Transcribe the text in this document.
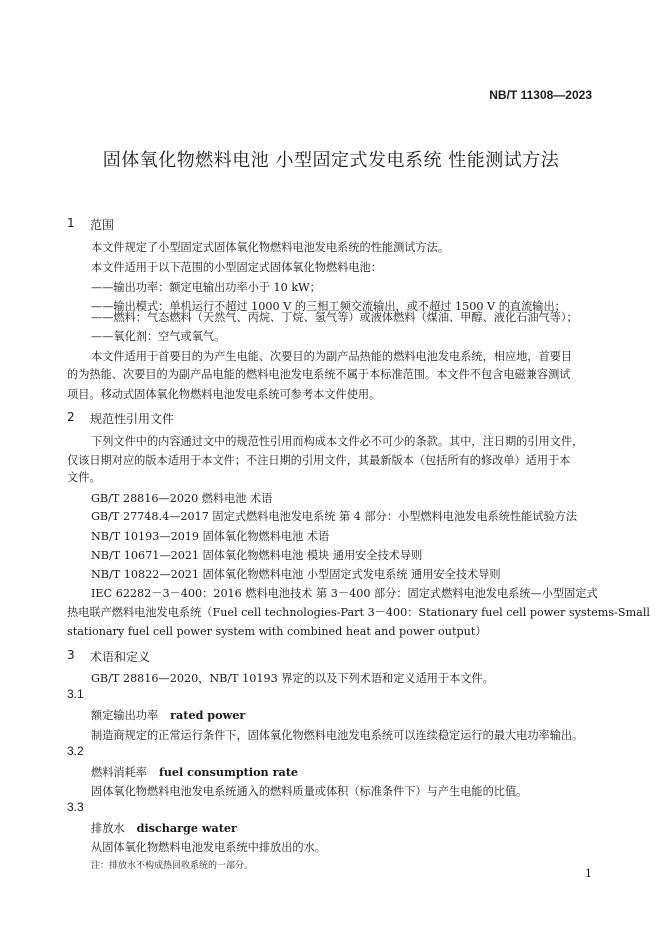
NB/T 11308—2023
固体氧化物燃料电池 小型固定式发电系统 性能测试方法
1 范围
本文件规定了小型固定式固体氧化物燃料电池发电系统的性能测试方法。
本文件适用于以下范围的小型固定式固体氧化物燃料电池：
——输出功率：额定电输出功率小于 10 kW；
——输出模式：单机运行不超过 1000 V 的三相工频交流输出，或不超过 1500 V 的直流输出；
——燃料：气态燃料（天然气、丙烷、丁烷、氢气等）或液体燃料（煤油、甲醇、液化石油气等）；
——氧化剂：空气或氧气。
本文件适用于首要目的为产生电能、次要目的为副产品热能的燃料电池发电系统，相应地，首要目
的为热能、次要目的为副产品电能的燃料电池发电系统不属于本标准范围。本文件不包含电磁兼容测试
项目。移动式固体氧化物燃料电池发电系统可参考本文件使用。
2 规范性引用文件
下列文件中的内容通过文中的规范性引用而构成本文件必不可少的条款。其中，注日期的引用文件，
仅该日期对应的版本适用于本文件；不注日期的引用文件，其最新版本（包括所有的修改单）适用于本
文件。
GB/T 28816—2020 燃料电池 术语
GB/T 27748.4—2017 固定式燃料电池发电系统 第 4 部分：小型燃料电池发电系统性能试验方法
NB/T 10193—2019 固体氧化物燃料电池 术语
NB/T 10671—2021 固体氧化物燃料电池 模块 通用安全技术导则
NB/T 10822—2021 固体氧化物燃料电池 小型固定式发电系统 通用安全技术导则
IEC 62282－3－400：2016 燃料电池技术 第 3－400 部分：固定式燃料电池发电系统—小型固定式
热电联产燃料电池发电系统（Fuel cell technologies-Part 3－400：Stationary fuel cell power systems-Small
stationary fuel cell power system with combined heat and power output）
3 术语和定义
GB/T 28816—2020，NB/T 10193 界定的以及下列术语和定义适用于本文件。
3.1
额定输出功率 rated power
制造商规定的正常运行条件下，固体氧化物燃料电池发电系统可以连续稳定运行的最大电功率输出。
3.2
燃料消耗率 fuel consumption rate
固体氧化物燃料电池发电系统通入的燃料质量或体积（标准条件下）与产生电能的比值。
3.3
排放水 discharge water
从固体氧化物燃料电池发电系统中排放出的水。
注：排放水不构成热回收系统的一部分。
1
